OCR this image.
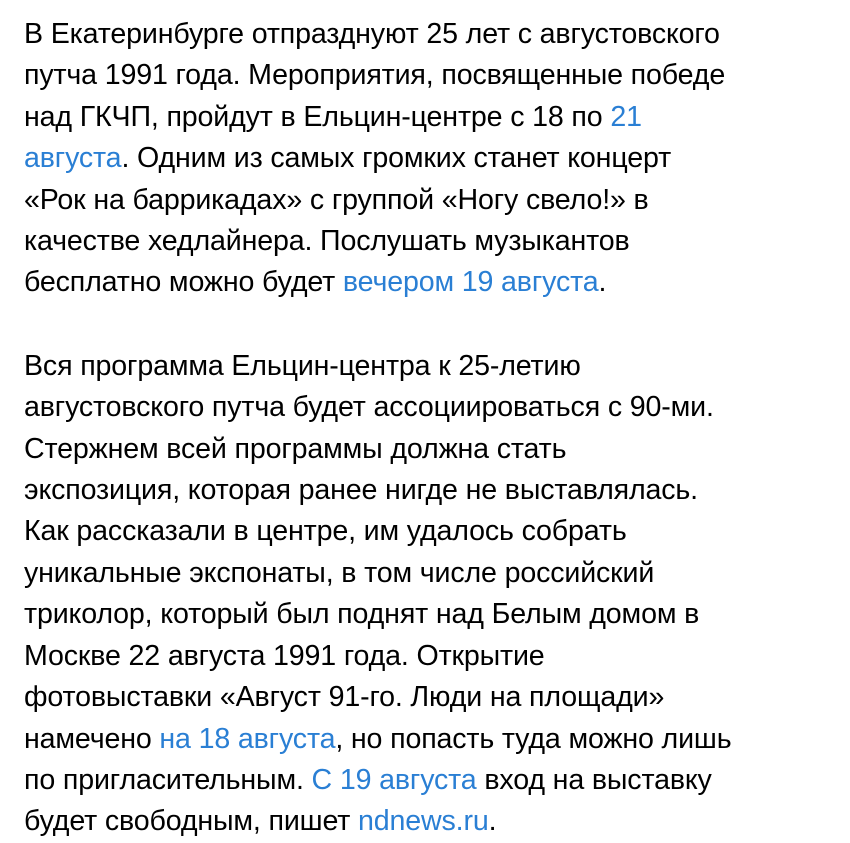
В Екатеринбурге отпразднуют 25 лет с августовского
путча 1991 года. Мероприятия, посвященные победе
над ГКЧП, пройдут в Ельцин-центре с 18 по 21
августа. Одним из самых громких станет концерт
«Рок на баррикадах» с группой «Ногу свело!» в
качестве хедлайнера. Послушать музыкантов
бесплатно можно будет вечером 19 августа.

Вся программа Ельцин-центра к 25-летию
августовского путча будет ассоциироваться с 90-ми.
Стержнем всей программы должна стать
экспозиция, которая ранее нигде не выставлялась.
Как рассказали в центре, им удалось собрать
уникальные экспонаты, в том числе российский
триколор, который был поднят над Белым домом в
Москве 22 августа 1991 года. Открытие
фотовыставки «Август 91-го. Люди на площади»
намечено на 18 августа, но попасть туда можно лишь
по пригласительным. С 19 августа вход на выставку
будет свободным, пишет ndnews.ru.
